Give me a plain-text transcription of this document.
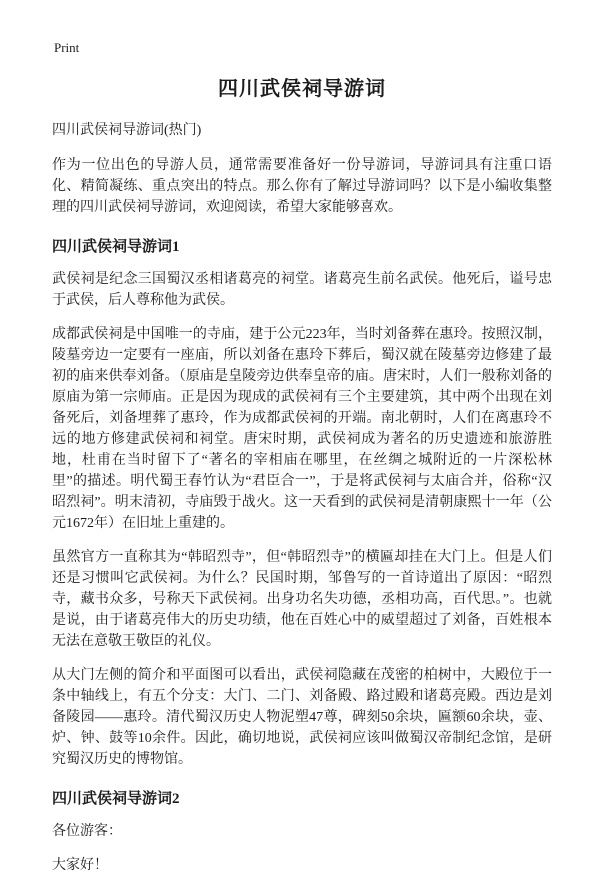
Print
四川武侯祠导游词

四川武侯祠导游词(热门)

作为一位出色的导游人员，通常需要准备好一份导游词，导游词具有注重口语化、精简凝练、重点突出的特点。那么你有了解过导游词吗？以下是小编收集整理的四川武侯祠导游词，欢迎阅读，希望大家能够喜欢。

四川武侯祠导游词1

武侯祠是纪念三国蜀汉丞相诸葛亮的祠堂。诸葛亮生前名武侯。他死后，谥号忠于武侯，后人尊称他为武侯。

成都武侯祠是中国唯一的寺庙，建于公元223年，当时刘备葬在惠玲。按照汉制，陵墓旁边一定要有一座庙，所以刘备在惠玲下葬后，蜀汉就在陵墓旁边修建了最初的庙来供奉刘备。（原庙是皇陵旁边供奉皇帝的庙。唐宋时，人们一般称刘备的原庙为第一宗师庙。正是因为现成的武侯祠有三个主要建筑，其中两个出现在刘备死后，刘备埋葬了惠玲，作为成都武侯祠的开端。南北朝时，人们在离惠玲不远的地方修建武侯祠和祠堂。唐宋时期，武侯祠成为著名的历史遗迹和旅游胜地，杜甫在当时留下了“著名的宰相庙在哪里，在丝绸之城附近的一片深松林里”的描述。明代蜀王春竹认为“君臣合一”，于是将武侯祠与太庙合并，俗称“汉昭烈祠”。明末清初，寺庙毁于战火。这一天看到的武侯祠是清朝康熙十一年（公元1672年）在旧址上重建的。

虽然官方一直称其为“韩昭烈寺”，但“韩昭烈寺”的横匾却挂在大门上。但是人们还是习惯叫它武侯祠。为什么？民国时期，邹鲁写的一首诗道出了原因：“昭烈寺，藏书众多，号称天下武侯祠。出身功名失功德，丞相功高，百代思。”。也就是说，由于诸葛亮伟大的历史功绩，他在百姓心中的威望超过了刘备，百姓根本无法在意敬王敬臣的礼仪。

从大门左侧的简介和平面图可以看出，武侯祠隐藏在茂密的柏树中，大殿位于一条中轴线上，有五个分支：大门、二门、刘备殿、路过殿和诸葛亮殿。西边是刘备陵园——惠玲。清代蜀汉历史人物泥塑47尊，碑刻50余块，匾额60余块，壶、炉、钟、鼓等10余件。因此，确切地说，武侯祠应该叫做蜀汉帝制纪念馆，是研究蜀汉历史的博物馆。

四川武侯祠导游词2

各位游客：

大家好！
